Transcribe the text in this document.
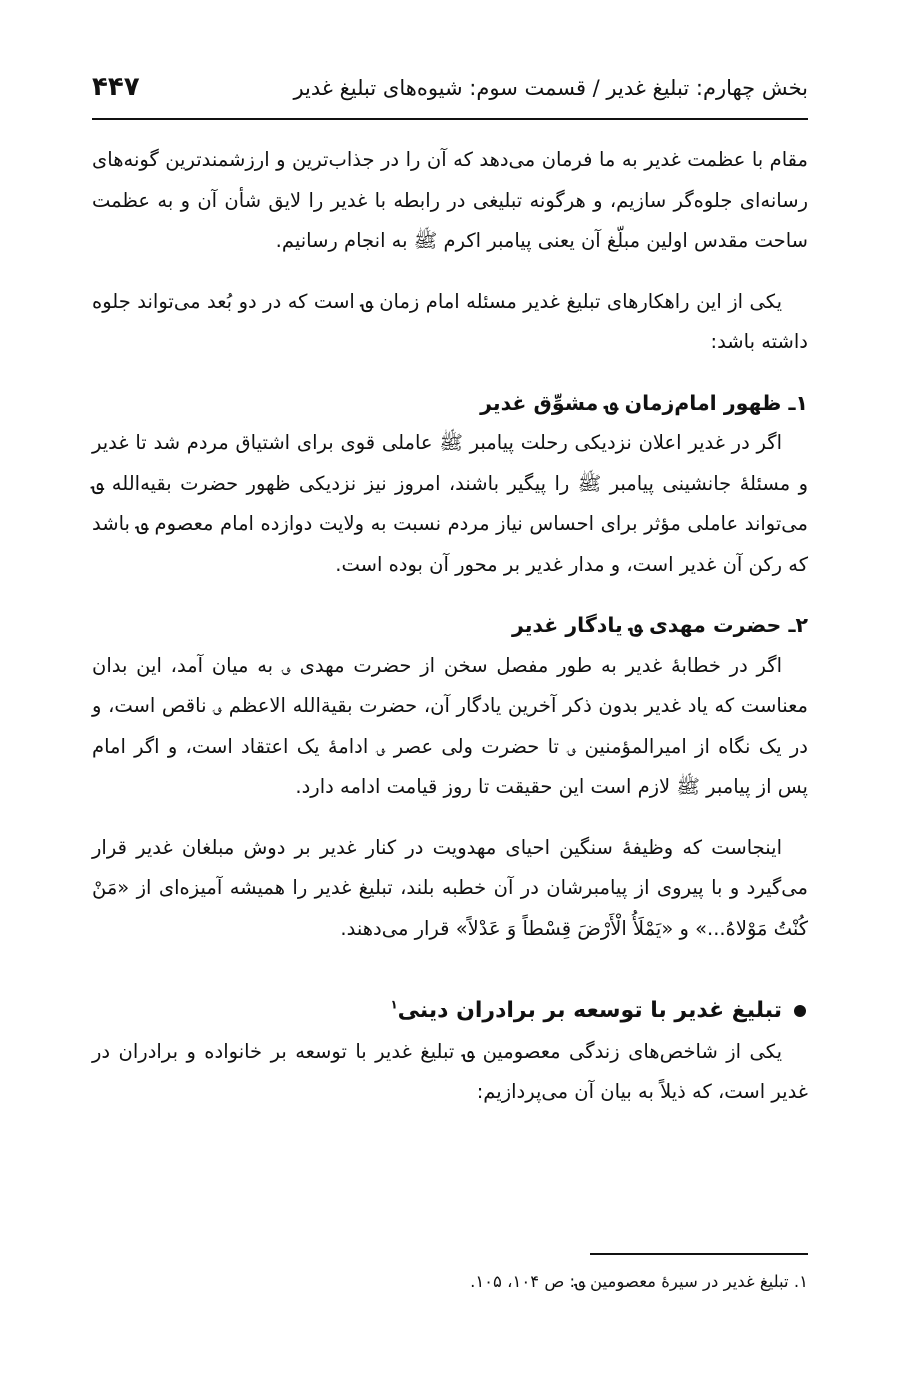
بخش چهارم: تبلیغ غدیر / قسمت سوم: شیوه‌های تبلیغ غدیر
۴۴۷

مقام با عظمت غدیر به ما فرمان می‌دهد که آن را در جذاب‌ترین و ارزشمندترین گونه‌های رسانه‌ای جلوه‌گر سازیم، و هرگونه تبلیغی در رابطه با غدیر را لایق شأن آن و به عظمت ساحت مقدس اولین مبلّغ آن یعنی پیامبر اکرم ﷺ به انجام رسانیم.

یکی از این راهکارهای تبلیغ غدیر مسئله امام زمان ؈ است که در دو بُعد می‌تواند جلوه داشته باشد:

۱ـ ظهور امام‌زمان ؈ مشوِّق غدیر

اگر در غدیر اعلان نزدیکی رحلت پیامبر ﷺ عاملی قوی برای اشتیاق مردم شد تا غدیر و مسئلهٔ جانشینی پیامبر ﷺ را پیگیر باشند، امروز نیز نزدیکی ظهور حضرت بقیه‌الله ؈ می‌تواند عاملی مؤثر برای احساس نیاز مردم نسبت به ولایت دوازده امام معصوم ؈ باشد که رکن آن غدیر است، و مدار غدیر بر محور آن بوده است.

۲ـ حضرت مهدی ؈ یادگار غدیر

اگر در خطابهٔ غدیر به طور مفصل سخن از حضرت مهدی ؈ به میان آمد، این بدان معناست که یاد غدیر بدون ذکر آخرین یادگار آن، حضرت بقیة‌الله الاعظم ؈ ناقص است، و در یک نگاه از امیرالمؤمنین ؈ تا حضرت ولی عصر ؈ ادامهٔ یک اعتقاد است، و اگر امام پس از پیامبر ﷺ لازم است این حقیقت تا روز قیامت ادامه دارد.

اینجاست که وظیفهٔ سنگین احیای مهدویت در کنار غدیر بر دوش مبلغان غدیر قرار می‌گیرد و با پیروی از پیامبرشان در آن خطبه بلند، تبلیغ غدیر را همیشه آمیزه‌ای از «مَنْ کُنْتُ مَوْلاهُ...» و «یَمْلَأُ الْأَرْضَ قِسْطاً وَ عَدْلاً» قرار می‌دهند.

تبلیغ غدیر با توسعه بر برادران دینی$^۱$

یکی از شاخص‌های زندگی معصومین ؈ تبلیغ غدیر با توسعه بر خانواده و برادران در غدیر است، که ذیلاً به بیان آن می‌پردازیم:

۱. تبلیغ غدیر در سیرهٔ معصومین ؈: ص ۱۰۴، ۱۰۵.
